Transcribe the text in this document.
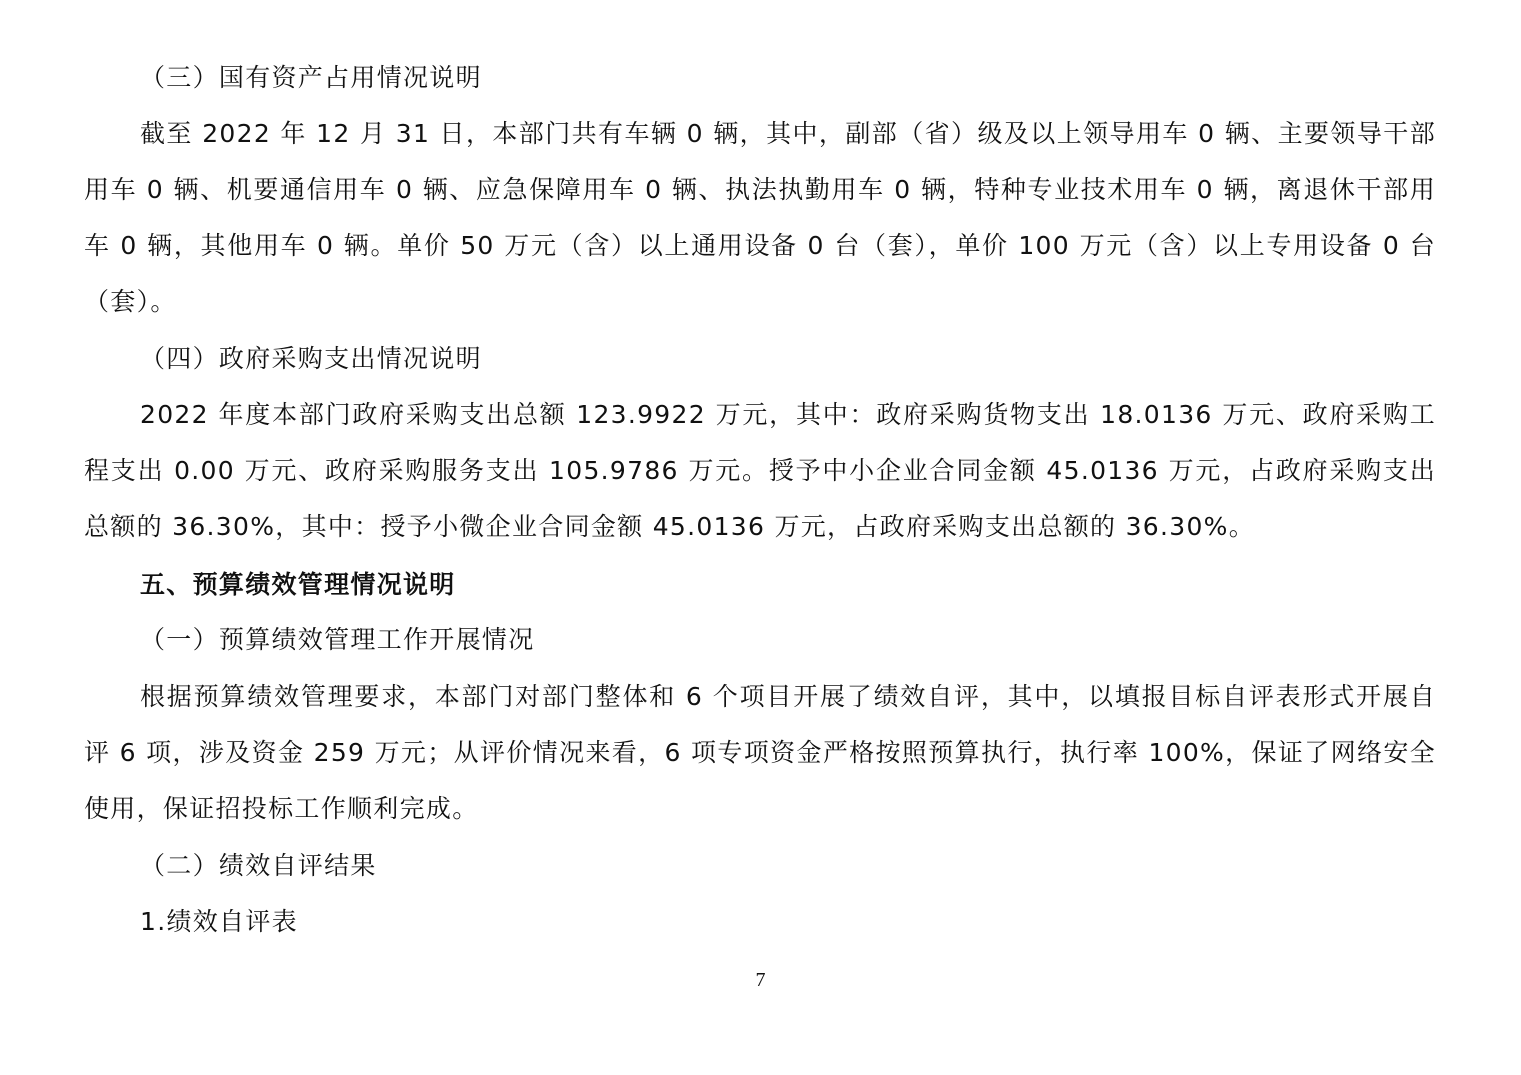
（三）国有资产占用情况说明

截至 2022 年 12 月 31 日，本部门共有车辆 0 辆，其中，副部（省）级及以上领导用车 0 辆、主要领导干部用车 0 辆、机要通信用车 0 辆、应急保障用车 0 辆、执法执勤用车 0 辆，特种专业技术用车 0 辆，离退休干部用车 0 辆，其他用车 0 辆。单价 50 万元（含）以上通用设备 0 台（套），单价 100 万元（含）以上专用设备 0 台（套）。

（四）政府采购支出情况说明

2022 年度本部门政府采购支出总额 123.9922 万元，其中：政府采购货物支出 18.0136 万元、政府采购工程支出 0.00 万元、政府采购服务支出 105.9786 万元。授予中小企业合同金额 45.0136 万元，占政府采购支出总额的 36.30%，其中：授予小微企业合同金额 45.0136 万元，占政府采购支出总额的 36.30%。

五、预算绩效管理情况说明

（一）预算绩效管理工作开展情况

根据预算绩效管理要求，本部门对部门整体和 6 个项目开展了绩效自评，其中，以填报目标自评表形式开展自评 6 项，涉及资金 259 万元；从评价情况来看，6 项专项资金严格按照预算执行，执行率 100%，保证了网络安全使用，保证招投标工作顺利完成。

（二）绩效自评结果

1.绩效自评表

7
